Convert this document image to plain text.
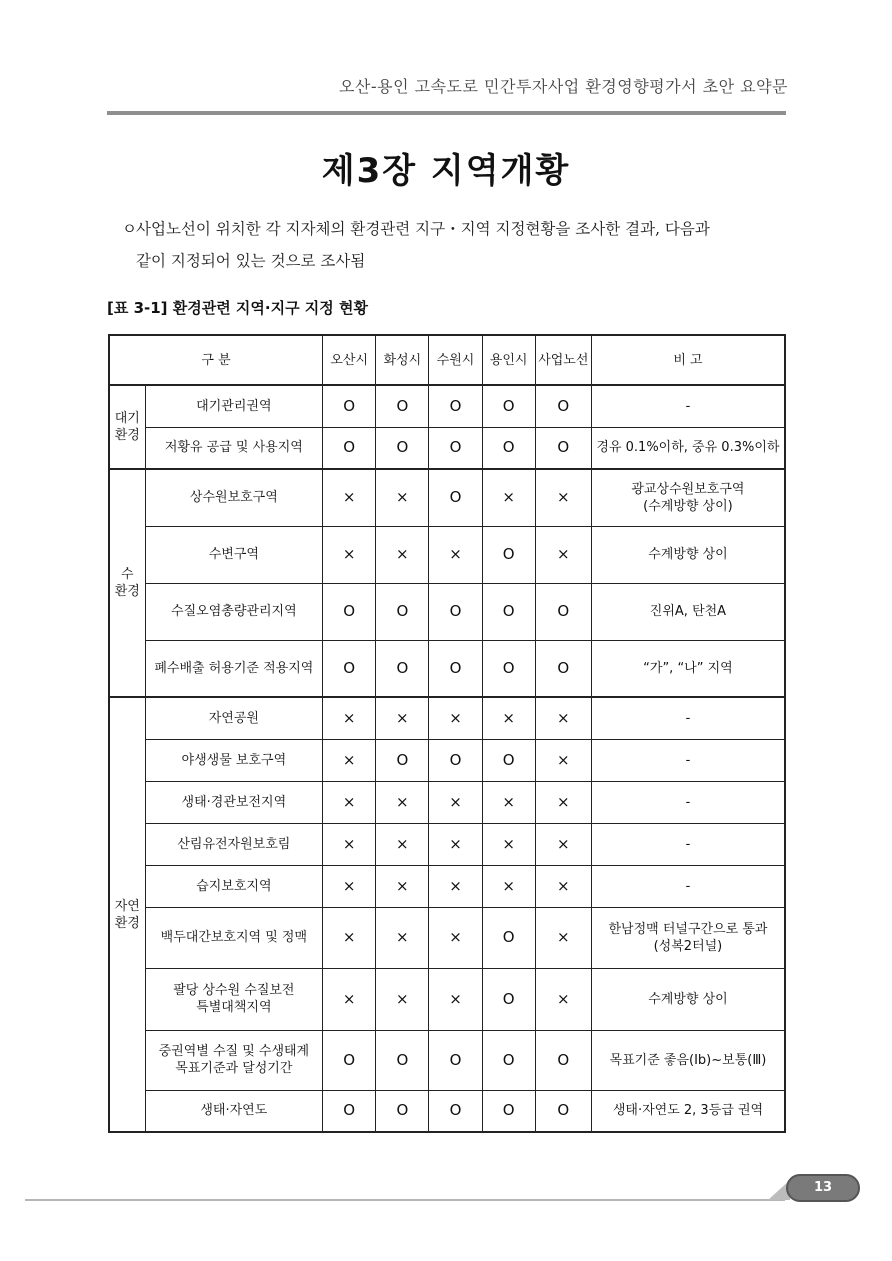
오산-용인 고속도로 민간투자사업 환경영향평가서 초안 요약문
제3장 지역개황
ㅇ사업노선이 위치한 각 지자체의 환경관련 지구・지역 지정현황을 조사한 결과, 다음과
같이 지정되어 있는 것으로 조사됨
[표 3-1] 환경관련 지역·지구 지정 현황
구 분		오산시	화성시	수원시	용인시	사업노선	비 고
대기
환경	대기관리권역	O	O	O	O	O	-
	저황유 공급 및 사용지역	O	O	O	O	O	경유 0.1%이하, 중유 0.3%이하
수
환경	상수원보호구역	×	×	O	×	×	광교상수원보호구역
(수계방향 상이)
	수변구역	×	×	×	O	×	수계방향 상이
	수질오염총량관리지역	O	O	O	O	O	진위A, 탄천A
	폐수배출 허용기준 적용지역	O	O	O	O	O	“가”, “나” 지역
자연
환경	자연공원	×	×	×	×	×	-
	야생생물 보호구역	×	O	O	O	×	-
	생태·경관보전지역	×	×	×	×	×	-
	산림유전자원보호림	×	×	×	×	×	-
	습지보호지역	×	×	×	×	×	-
	백두대간보호지역 및 정맥	×	×	×	O	×	한남정맥 터널구간으로 통과
(성복2터널)
	팔당 상수원 수질보전
특별대책지역	×	×	×	O	×	수계방향 상이
	중권역별 수질 및 수생태계
목표기준과 달성기간	O	O	O	O	O	목표기준 좋음(Ⅰb)~보통(Ⅲ)
	생태·자연도	O	O	O	O	O	생태·자연도 2, 3등급 권역
13
